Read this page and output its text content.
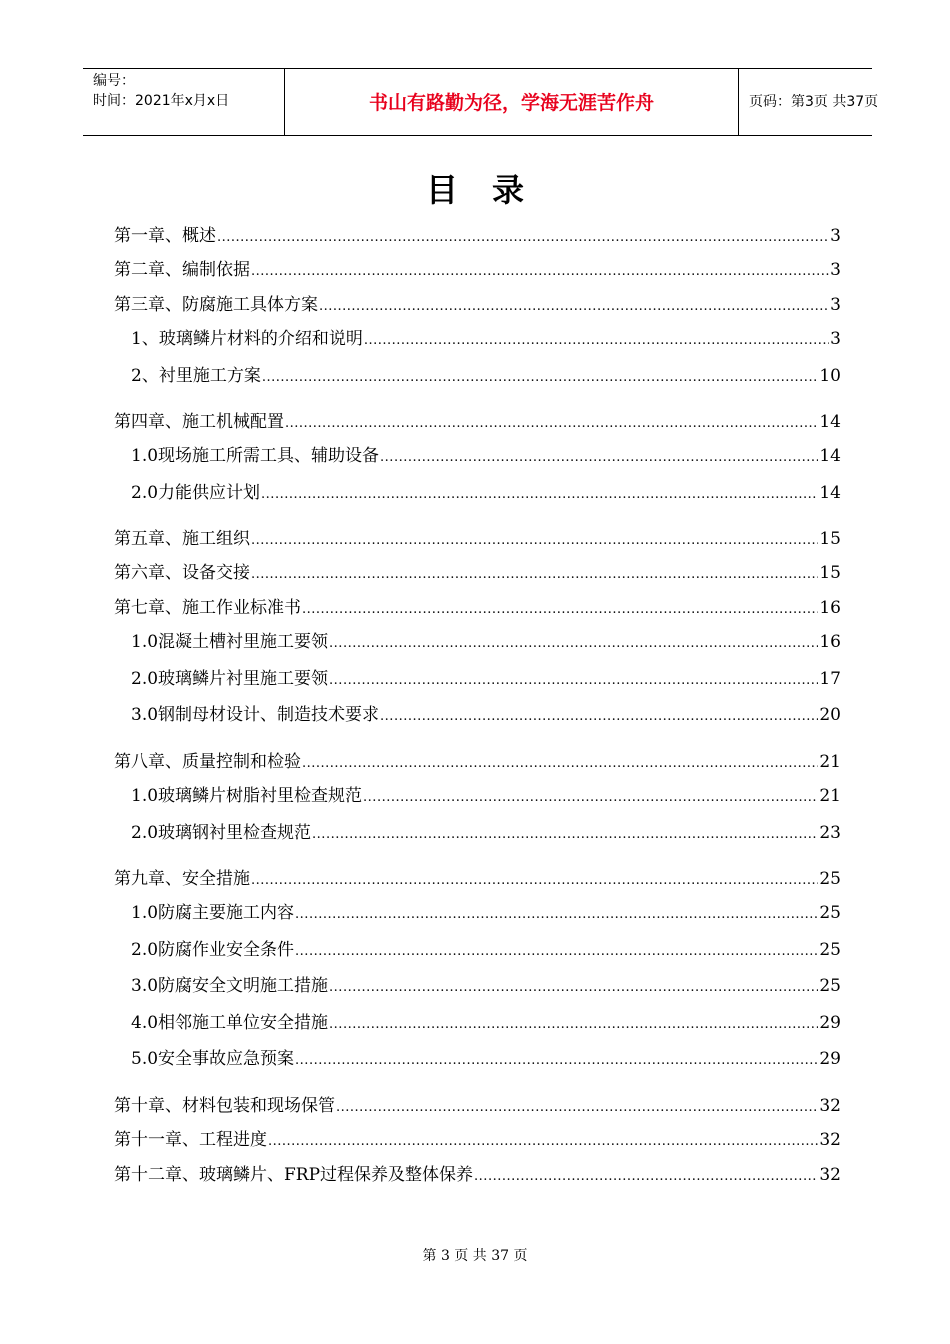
编号：
时间：2021年x月x日	书山有路勤为径，学海无涯苦作舟	页码：第3页 共37页
目录
第一章、概述 .....	3
第二章、编制依据 .....	3
第三章、防腐施工具体方案 .....	3
1、玻璃鳞片材料的介绍和说明 .....	3
2、衬里施工方案 .....	10
第四章、施工机械配置 .....	14
1.0现场施工所需工具、辅助设备 .....	14
2.0力能供应计划 .....	14
第五章、施工组织 .....	15
第六章、设备交接 .....	15
第七章、施工作业标准书 .....	16
1.0混凝土槽衬里施工要领 .....	16
2.0玻璃鳞片衬里施工要领 .....	17
3.0钢制母材设计、制造技术要求 .....	20
第八章、质量控制和检验 .....	21
1.0玻璃鳞片树脂衬里检查规范 .....	21
2.0玻璃钢衬里检查规范 .....	23
第九章、安全措施 .....	25
1.0防腐主要施工内容 .....	25
2.0防腐作业安全条件 .....	25
3.0防腐安全文明施工措施 .....	25
4.0相邻施工单位安全措施 .....	29
5.0安全事故应急预案 .....	29
第十章、材料包装和现场保管 .....	32
第十一章、工程进度 .....	32
第十二章、玻璃鳞片、FRP过程保养及整体保养 .....	32
第 3 页 共 37 页
